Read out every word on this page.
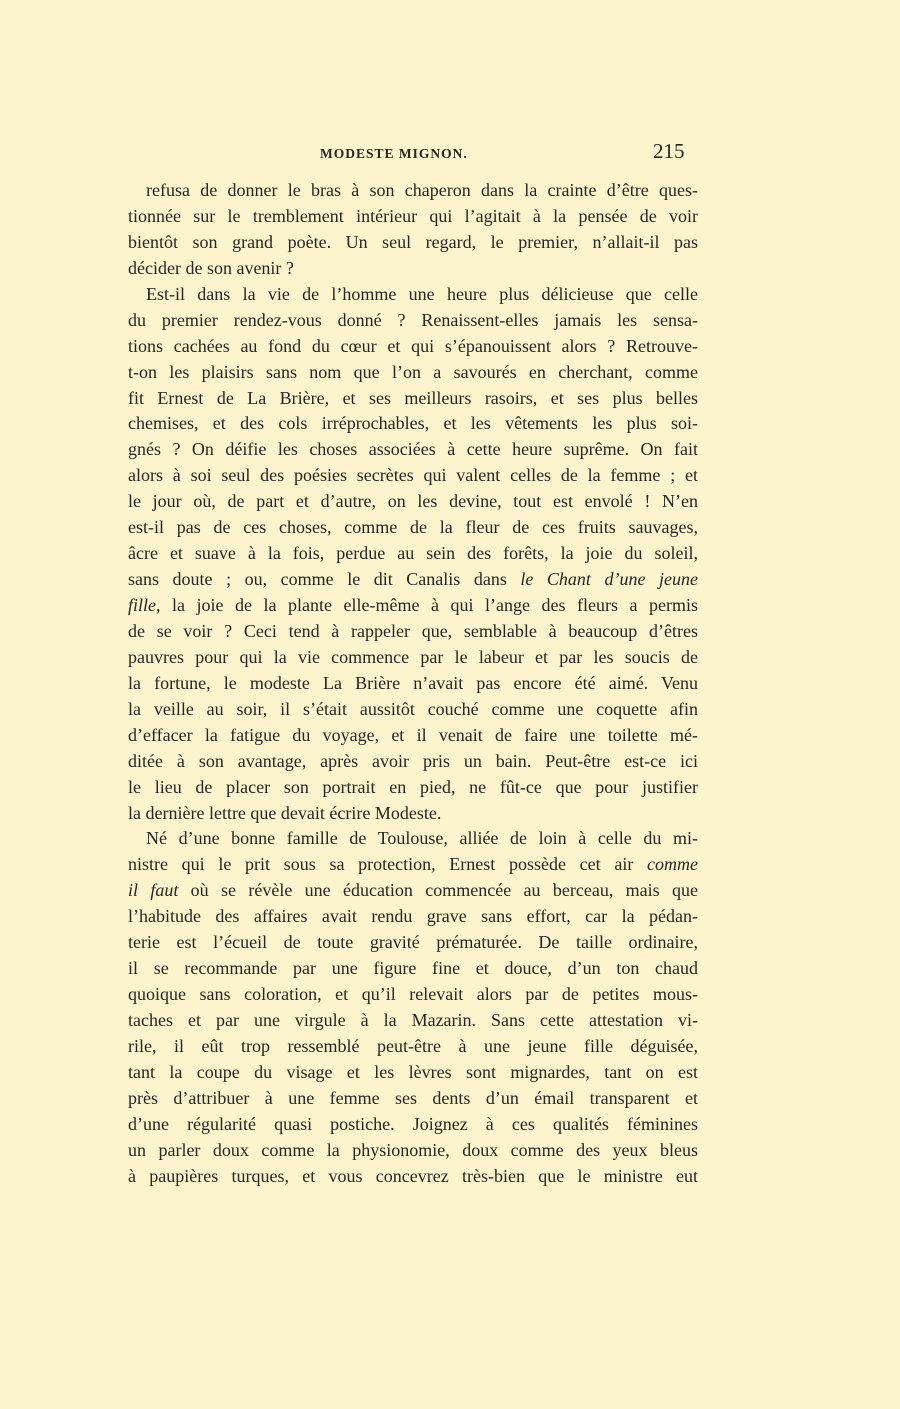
MODESTE MIGNON.	215
refusa de donner le bras à son chaperon dans la crainte d’être ques-
tionnée sur le tremblement intérieur qui l’agitait à la pensée de voir
bientôt son grand poète. Un seul regard, le premier, n’allait-il pas
décider de son avenir ?
Est-il dans la vie de l’homme une heure plus délicieuse que celle
du premier rendez-vous donné ? Renaissent-elles jamais les sensa-
tions cachées au fond du cœur et qui s’épanouissent alors ? Retrouve-
t-on les plaisirs sans nom que l’on a savourés en cherchant, comme
fit Ernest de La Brière, et ses meilleurs rasoirs, et ses plus belles
chemises, et des cols irréprochables, et les vêtements les plus soi-
gnés ? On déifie les choses associées à cette heure suprême. On fait
alors à soi seul des poésies secrètes qui valent celles de la femme ; et
le jour où, de part et d’autre, on les devine, tout est envolé ! N’en
est-il pas de ces choses, comme de la fleur de ces fruits sauvages,
âcre et suave à la fois, perdue au sein des forêts, la joie du soleil,
sans doute ; ou, comme le dit Canalis dans le Chant d’une jeune
fille, la joie de la plante elle-même à qui l’ange des fleurs a permis
de se voir ? Ceci tend à rappeler que, semblable à beaucoup d’êtres
pauvres pour qui la vie commence par le labeur et par les soucis de
la fortune, le modeste La Brière n’avait pas encore été aimé. Venu
la veille au soir, il s’était aussitôt couché comme une coquette afin
d’effacer la fatigue du voyage, et il venait de faire une toilette mé-
ditée à son avantage, après avoir pris un bain. Peut-être est-ce ici
le lieu de placer son portrait en pied, ne fût-ce que pour justifier
la dernière lettre que devait écrire Modeste.
Né d’une bonne famille de Toulouse, alliée de loin à celle du mi-
nistre qui le prit sous sa protection, Ernest possède cet air comme
il faut où se révèle une éducation commencée au berceau, mais que
l’habitude des affaires avait rendu grave sans effort, car la pédan-
terie est l’écueil de toute gravité prématurée. De taille ordinaire,
il se recommande par une figure fine et douce, d’un ton chaud
quoique sans coloration, et qu’il relevait alors par de petites mous-
taches et par une virgule à la Mazarin. Sans cette attestation vi-
rile, il eût trop ressemblé peut-être à une jeune fille déguisée,
tant la coupe du visage et les lèvres sont mignardes, tant on est
près d’attribuer à une femme ses dents d’un émail transparent et
d’une régularité quasi postiche. Joignez à ces qualités féminines
un parler doux comme la physionomie, doux comme des yeux bleus
à paupières turques, et vous concevrez très-bien que le ministre eut
